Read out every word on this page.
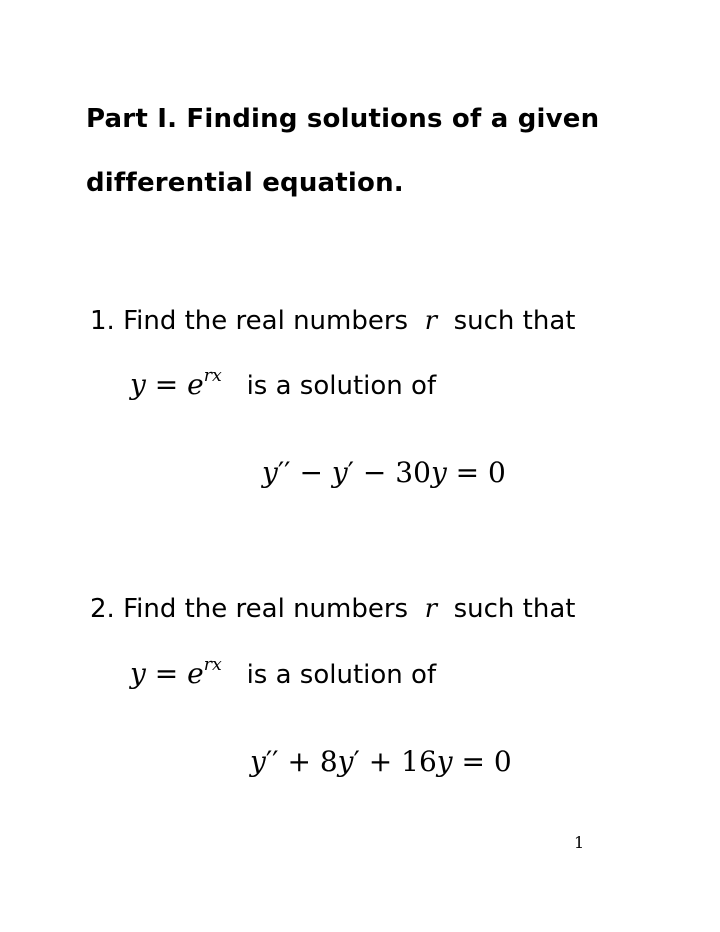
Part I. Finding solutions of a given
differential equation.
1. Find the real numbers r such that
$y = e^{rx}$ is a solution of
y′′ − y′ − 30y = 0
2. Find the real numbers r such that
$y = e^{rx}$ is a solution of
y′′ + 8y′ + 16y = 0
1
